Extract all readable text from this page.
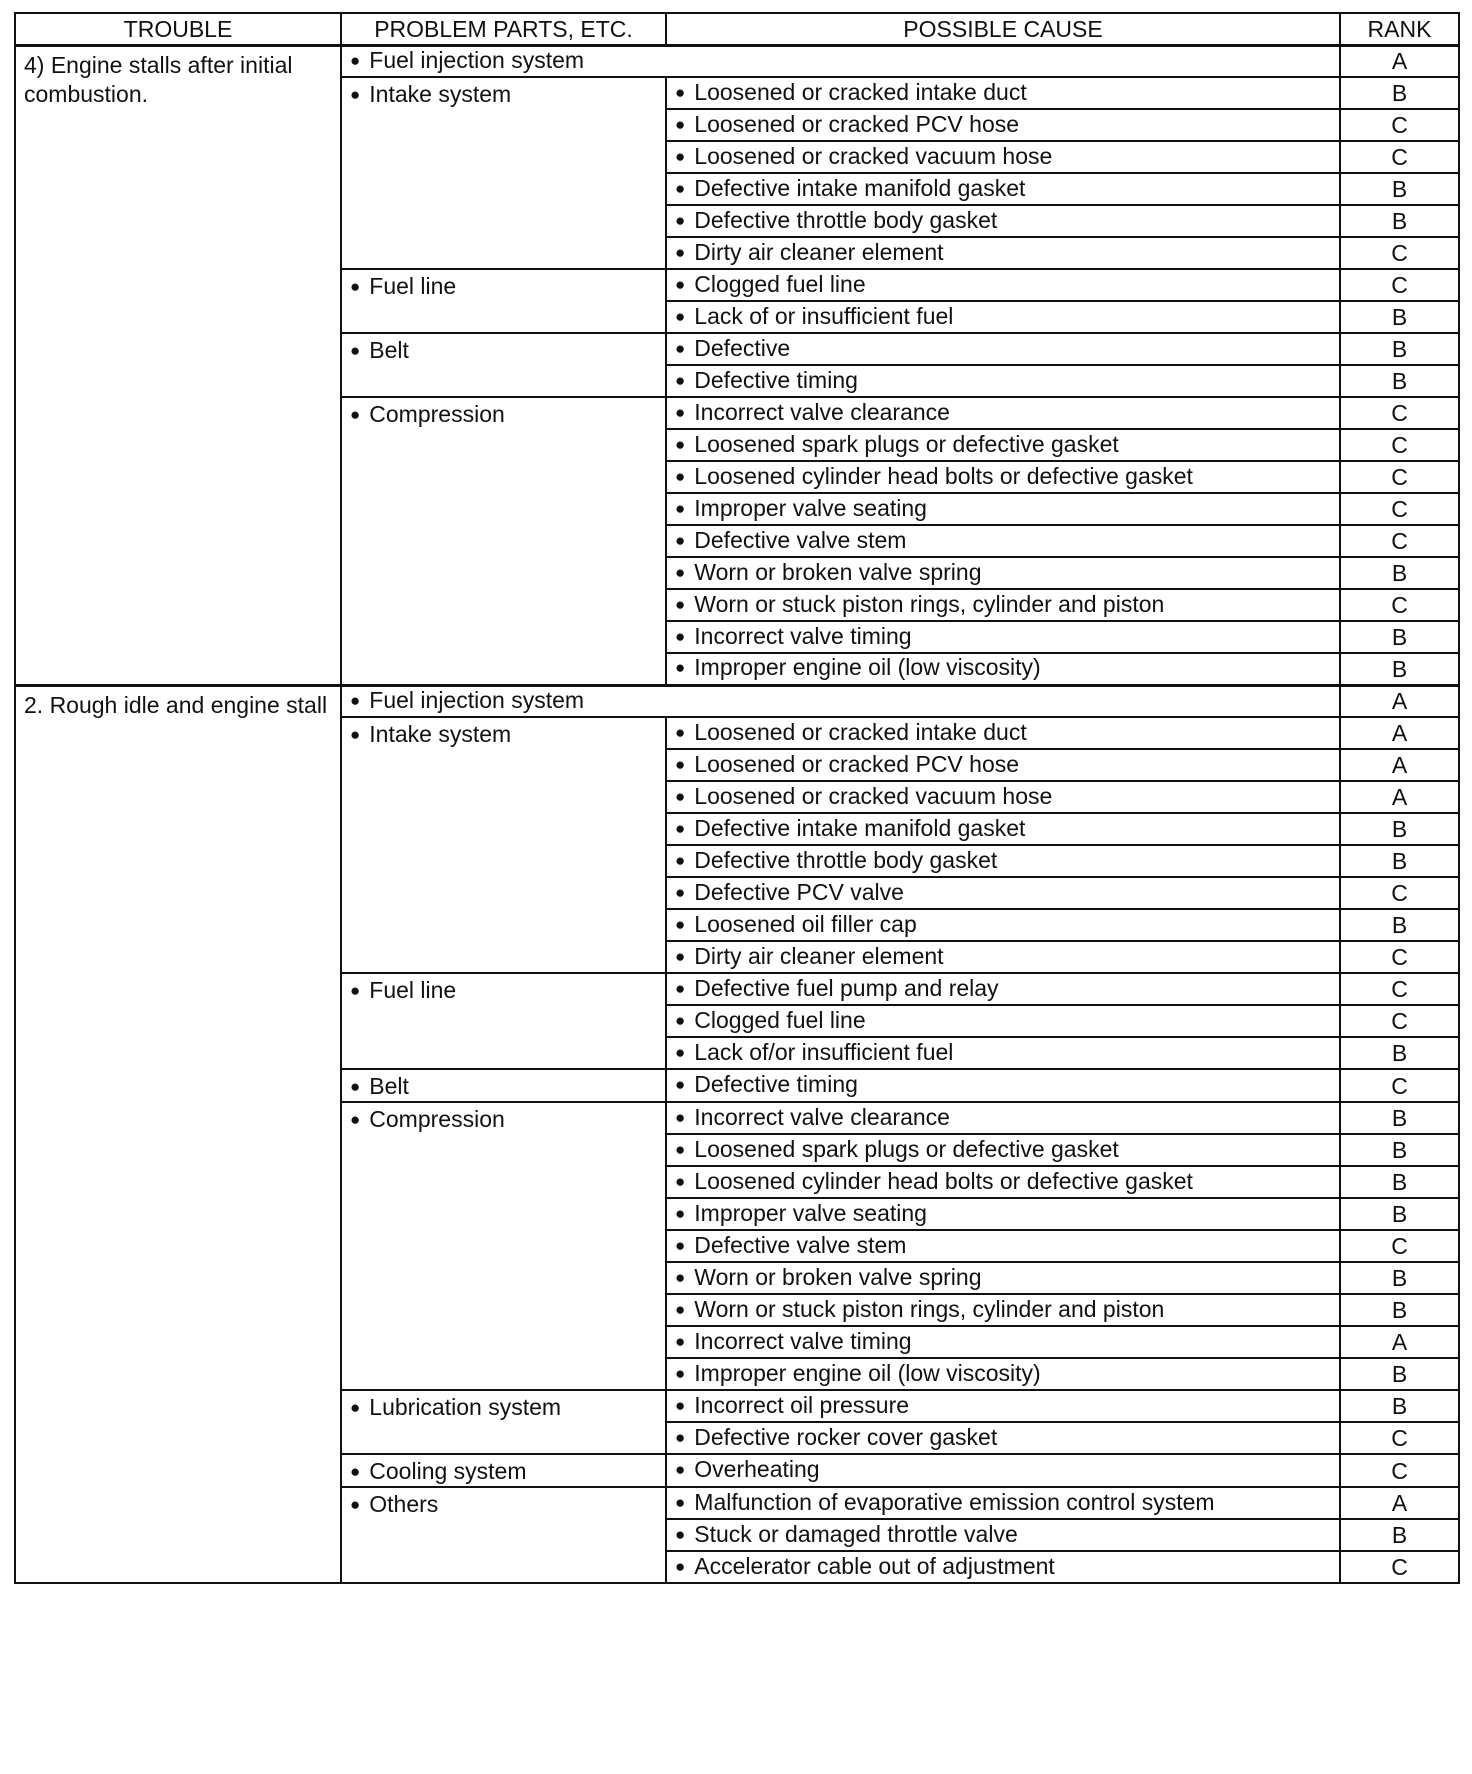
TROUBLE	PROBLEM PARTS, ETC.	POSSIBLE CAUSE	RANK
4) Engine stalls after initial combustion.	● Fuel injection system		A
	● Intake system	● Loosened or cracked intake duct	B
		● Loosened or cracked PCV hose	C
		● Loosened or cracked vacuum hose	C
		● Defective intake manifold gasket	B
		● Defective throttle body gasket	B
		● Dirty air cleaner element	C
	● Fuel line	● Clogged fuel line	C
		● Lack of or insufficient fuel	B
	● Belt	● Defective	B
		● Defective timing	B
	● Compression	● Incorrect valve clearance	C
		● Loosened spark plugs or defective gasket	C
		● Loosened cylinder head bolts or defective gasket	C
		● Improper valve seating	C
		● Defective valve stem	C
		● Worn or broken valve spring	B
		● Worn or stuck piston rings, cylinder and piston	C
		● Incorrect valve timing	B
		● Improper engine oil (low viscosity)	B
2. Rough idle and engine stall	● Fuel injection system		A
	● Intake system	● Loosened or cracked intake duct	A
		● Loosened or cracked PCV hose	A
		● Loosened or cracked vacuum hose	A
		● Defective intake manifold gasket	B
		● Defective throttle body gasket	B
		● Defective PCV valve	C
		● Loosened oil filler cap	B
		● Dirty air cleaner element	C
	● Fuel line	● Defective fuel pump and relay	C
		● Clogged fuel line	C
		● Lack of/or insufficient fuel	B
	● Belt	● Defective timing	C
	● Compression	● Incorrect valve clearance	B
		● Loosened spark plugs or defective gasket	B
		● Loosened cylinder head bolts or defective gasket	B
		● Improper valve seating	B
		● Defective valve stem	C
		● Worn or broken valve spring	B
		● Worn or stuck piston rings, cylinder and piston	B
		● Incorrect valve timing	A
		● Improper engine oil (low viscosity)	B
	● Lubrication system	● Incorrect oil pressure	B
		● Defective rocker cover gasket	C
	● Cooling system	● Overheating	C
	● Others	● Malfunction of evaporative emission control system	A
		● Stuck or damaged throttle valve	B
		● Accelerator cable out of adjustment	C
